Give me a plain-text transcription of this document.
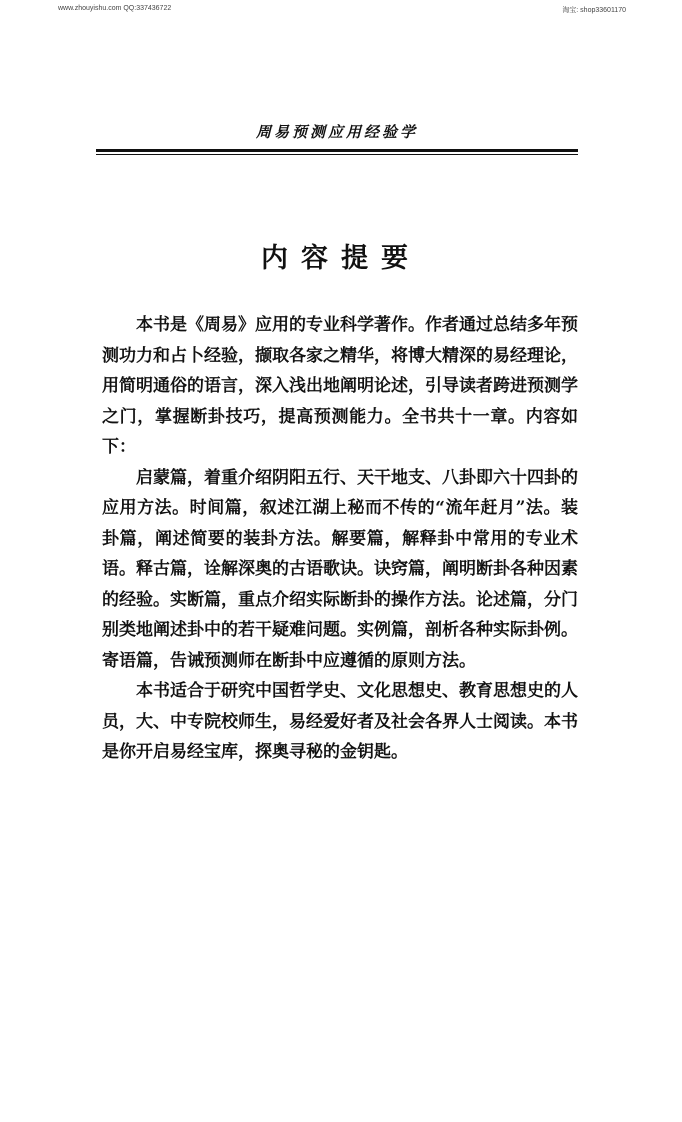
www.zhouyishu.com QQ:337436722	淘宝: shop33601170
周易预测应用经验学
内容提要

本书是《周易》应用的专业科学著作。作者通过总结多年预测功力和占卜经验，撷取各家之精华，将博大精深的易经理论，用简明通俗的语言，深入浅出地阐明论述，引导读者跨进预测学之门，掌握断卦技巧，提高预测能力。全书共十一章。内容如下：

启蒙篇，着重介绍阴阳五行、天干地支、八卦即六十四卦的应用方法。时间篇，叙述江湖上秘而不传的“流年赶月”法。装卦篇，阐述简要的装卦方法。解要篇，解释卦中常用的专业术语。释古篇，诠解深奥的古语歌诀。诀窍篇，阐明断卦各种因素的经验。实断篇，重点介绍实际断卦的操作方法。论述篇，分门别类地阐述卦中的若干疑难问题。实例篇，剖析各种实际卦例。寄语篇，告诫预测师在断卦中应遵循的原则方法。

本书适合于研究中国哲学史、文化思想史、教育思想史的人员，大、中专院校师生，易经爱好者及社会各界人士阅读。本书是你开启易经宝库，探奥寻秘的金钥匙。
